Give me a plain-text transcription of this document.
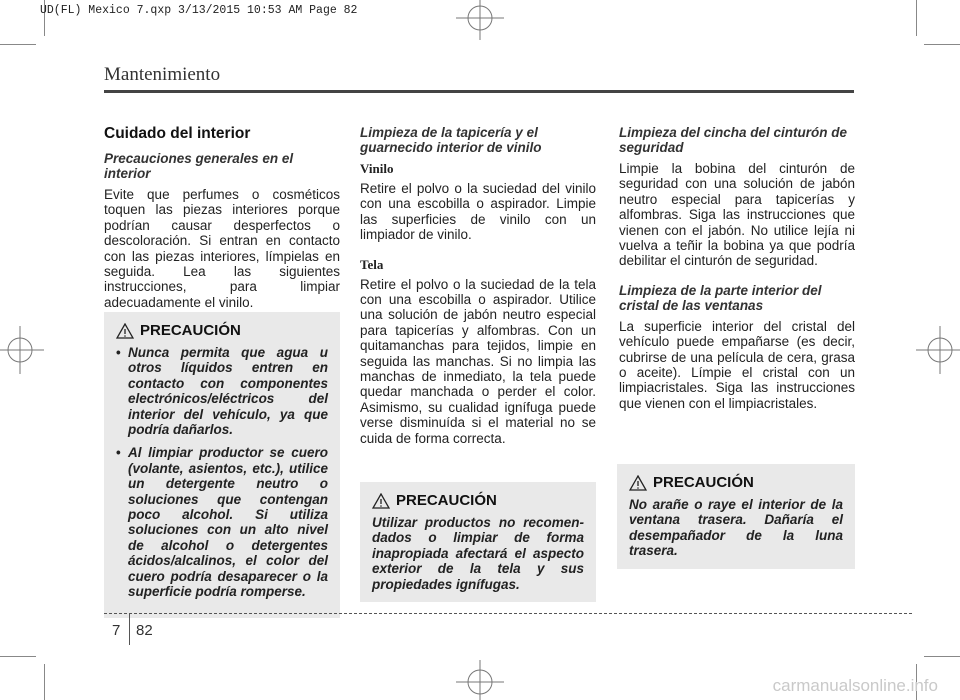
UD(FL) Mexico 7.qxp 3/13/2015 10:53 AM Page 82
Mantenimiento
Cuidado del interior
Precauciones generales en el interior

Evite que perfumes o cosméticos toquen las piezas interiores porque podrían causar desperfectos o descoloración. Si entran en contacto con las piezas interiores, límpielas en seguida. Lea las siguientes instrucciones, para limpiar adecuadamente el vinilo.

PRECAUCIÓN
• Nunca permita que agua u otros líquidos entren en contacto con componentes electrónicos/eléctricos del interior del vehículo, ya que podría dañarlos.
• Al limpiar productor se cuero (volante, asientos, etc.), utilice un detergente neutro o soluciones que contengan poco alcohol. Si utiliza soluciones con un alto nivel de alcohol o detergentes ácidos/alcalinos, el color del cuero podría desaparecer o la superficie podría romperse.
Limpieza de la tapicería y el guarnecido interior de vinilo
Vinilo

Retire el polvo o la suciedad del vinilo con una escobilla o aspirador. Limpie las superficies de vinilo con un limpiador de vinilo.

Tela

Retire el polvo o la suciedad de la tela con una escobilla o aspirador. Utilice una solución de jabón neutro especial para tapicerías y alfombras. Con un quitamanchas para tejidos, limpie en seguida las manchas. Si no limpia las manchas de inmediato, la tela puede quedar manchada o perder el color. Asimismo, su cualidad ignífuga puede verse disminuída si el material no se cuida de forma correcta.

PRECAUCIÓN
Utilizar productos no recomen-dados o limpiar de forma inapropiada afectará el aspecto exterior de la tela y sus propiedades ignífugas.
Limpieza del cincha del cinturón de seguridad

Limpie la bobina del cinturón de seguridad con una solución de jabón neutro especial para tapicerías y alfombras. Siga las instrucciones que vienen con el jabón. No utilice lejía ni vuelva a teñir la bobina ya que podría debilitar el cinturón de seguridad.

Limpieza de la parte interior del cristal de las ventanas

La superficie interior del cristal del vehículo puede empañarse (es decir, cubrirse de una película de cera, grasa o aceite). Límpie el cristal con un limpiacristales. Siga las instrucciones que vienen con el limpiacristales.

PRECAUCIÓN
No arañe o raye el interior de la ventana trasera. Dañaría el desempañador de la luna trasera.
7 82
carmanualsonline.info
